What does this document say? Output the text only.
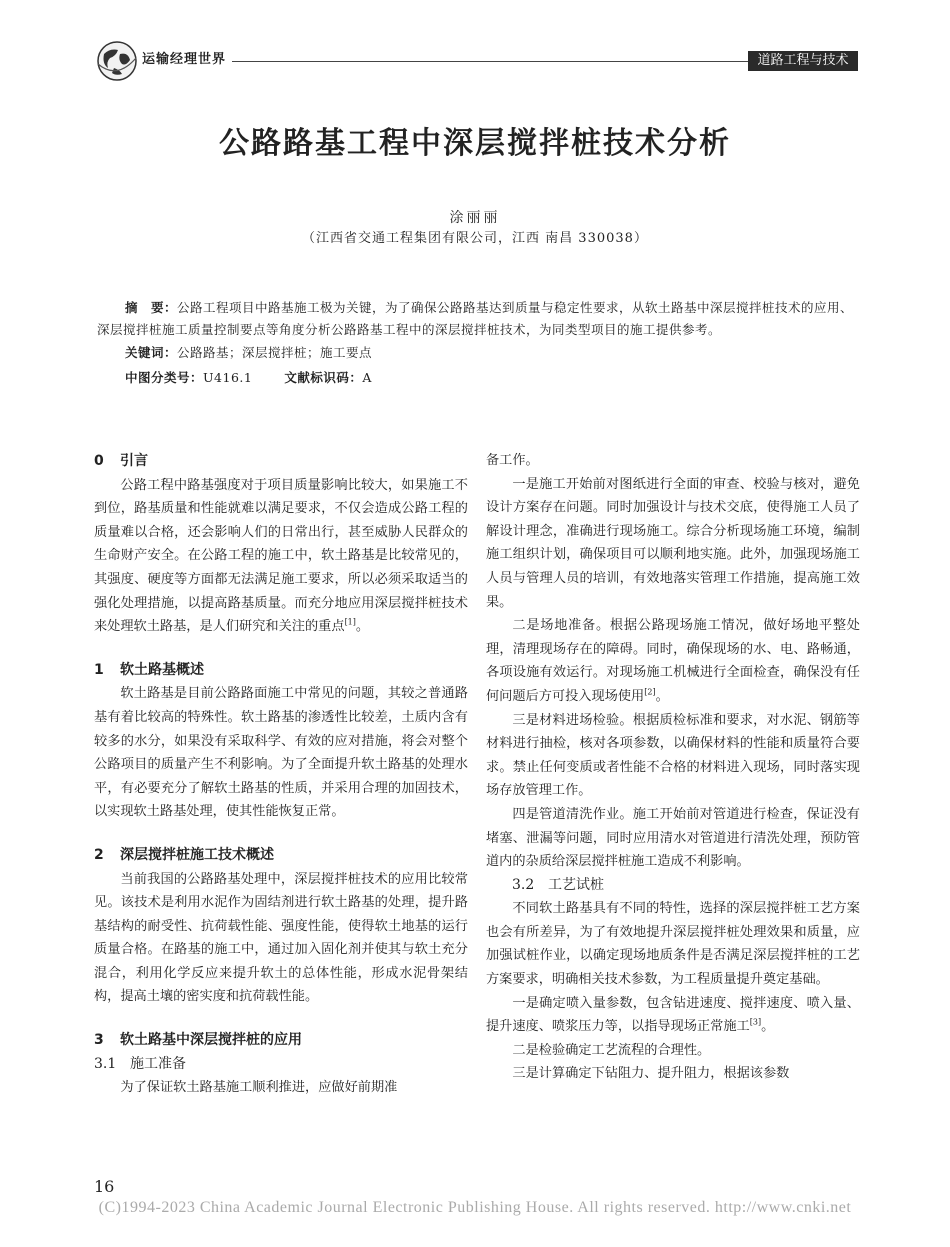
运输经理世界	道路工程与技术
公路路基工程中深层搅拌桩技术分析
涂丽丽
（江西省交通工程集团有限公司，江西 南昌 330038）
摘　要：公路工程项目中路基施工极为关键，为了确保公路路基达到质量与稳定性要求，从软土路基中深层搅拌桩技术的应用、深层搅拌桩施工质量控制要点等角度分析公路路基工程中的深层搅拌桩技术，为同类型项目的施工提供参考。
关键词：公路路基；深层搅拌桩；施工要点
中图分类号：U416.1	文献标识码：A

0 引言

公路工程中路基强度对于项目质量影响比较大，如果施工不到位，路基质量和性能就难以满足要求，不仅会造成公路工程的质量难以合格，还会影响人们的日常出行，甚至威胁人民群众的生命财产安全。在公路工程的施工中，软土路基是比较常见的，其强度、硬度等方面都无法满足施工要求，所以必须采取适当的强化处理措施，以提高路基质量。而充分地应用深层搅拌桩技术来处理软土路基，是人们研究和关注的重点[1]。

1 软土路基概述

软土路基是目前公路路面施工中常见的问题，其较之普通路基有着比较高的特殊性。软土路基的渗透性比较差，土质内含有较多的水分，如果没有采取科学、有效的应对措施，将会对整个公路项目的质量产生不利影响。为了全面提升软土路基的处理水平，有必要充分了解软土路基的性质，并采用合理的加固技术，以实现软土路基处理，使其性能恢复正常。

2 深层搅拌桩施工技术概述

当前我国的公路路基处理中，深层搅拌桩技术的应用比较常见。该技术是利用水泥作为固结剂进行软土路基的处理，提升路基结构的耐受性、抗荷载性能、强度性能，使得软土地基的运行质量合格。在路基的施工中，通过加入固化剂并使其与软土充分混合，利用化学反应来提升软土的总体性能，形成水泥骨架结构，提高土壤的密实度和抗荷载性能。

3 软土路基中深层搅拌桩的应用

3.1 施工准备

为了保证软土路基施工顺利推进，应做好前期准

备工作。

一是施工开始前对图纸进行全面的审查、校验与核对，避免设计方案存在问题。同时加强设计与技术交底，使得施工人员了解设计理念，准确进行现场施工。综合分析现场施工环境，编制施工组织计划，确保项目可以顺利地实施。此外，加强现场施工人员与管理人员的培训，有效地落实管理工作措施，提高施工效果。

二是场地准备。根据公路现场施工情况，做好场地平整处理，清理现场存在的障碍。同时，确保现场的水、电、路畅通，各项设施有效运行。对现场施工机械进行全面检查，确保没有任何问题后方可投入现场使用[2]。

三是材料进场检验。根据质检标准和要求，对水泥、钢筋等材料进行抽检，核对各项参数，以确保材料的性能和质量符合要求。禁止任何变质或者性能不合格的材料进入现场，同时落实现场存放管理工作。

四是管道清洗作业。施工开始前对管道进行检查，保证没有堵塞、泄漏等问题，同时应用清水对管道进行清洗处理，预防管道内的杂质给深层搅拌桩施工造成不利影响。

3.2 工艺试桩

不同软土路基具有不同的特性，选择的深层搅拌桩工艺方案也会有所差异，为了有效地提升深层搅拌桩处理效果和质量，应加强试桩作业，以确定现场地质条件是否满足深层搅拌桩的工艺方案要求，明确相关技术参数，为工程质量提升奠定基础。

一是确定喷入量参数，包含钻进速度、搅拌速度、喷入量、提升速度、喷浆压力等，以指导现场正常施工[3]。

二是检验确定工艺流程的合理性。

三是计算确定下钻阻力、提升阻力，根据该参数

16
(C)1994-2023 China Academic Journal Electronic Publishing House. All rights reserved. http://www.cnki.net
